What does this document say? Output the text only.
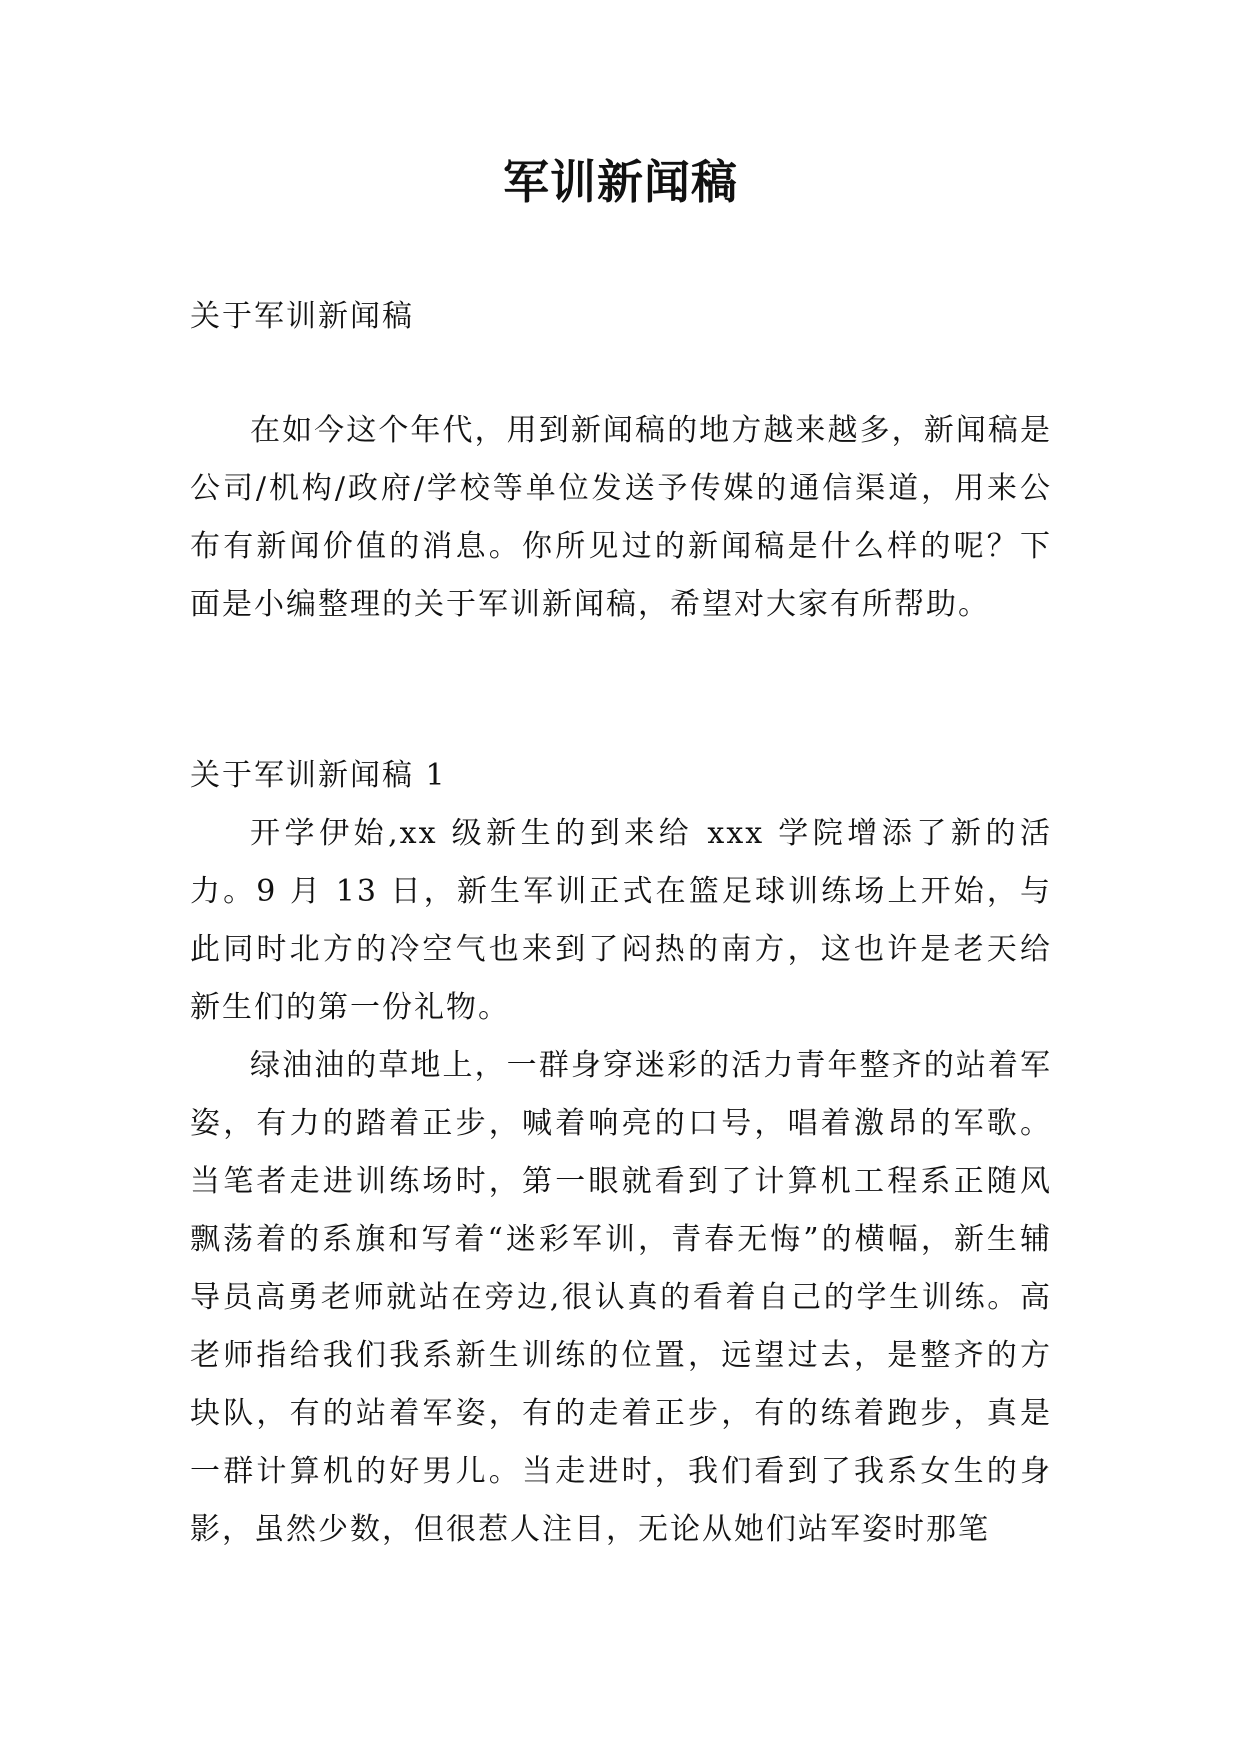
军训新闻稿

关于军训新闻稿

在如今这个年代，用到新闻稿的地方越来越多，新闻稿是公司/机构/政府/学校等单位发送予传媒的通信渠道，用来公布有新闻价值的消息。你所见过的新闻稿是什么样的呢？下面是小编整理的关于军训新闻稿，希望对大家有所帮助。

关于军训新闻稿 1

开学伊始,xx 级新生的到来给 xxx 学院增添了新的活力。9 月 13 日，新生军训正式在篮足球训练场上开始，与此同时北方的冷空气也来到了闷热的南方，这也许是老天给新生们的第一份礼物。

绿油油的草地上，一群身穿迷彩的活力青年整齐的站着军姿，有力的踏着正步，喊着响亮的口号，唱着激昂的军歌。当笔者走进训练场时，第一眼就看到了计算机工程系正随风飘荡着的系旗和写着“迷彩军训，青春无悔”的横幅，新生辅导员高勇老师就站在旁边,很认真的看着自己的学生训练。高老师指给我们我系新生训练的位置，远望过去，是整齐的方块队，有的站着军姿，有的走着正步，有的练着跑步，真是一群计算机的好男儿。当走进时，我们看到了我系女生的身影，虽然少数，但很惹人注目，无论从她们站军姿时那笔
